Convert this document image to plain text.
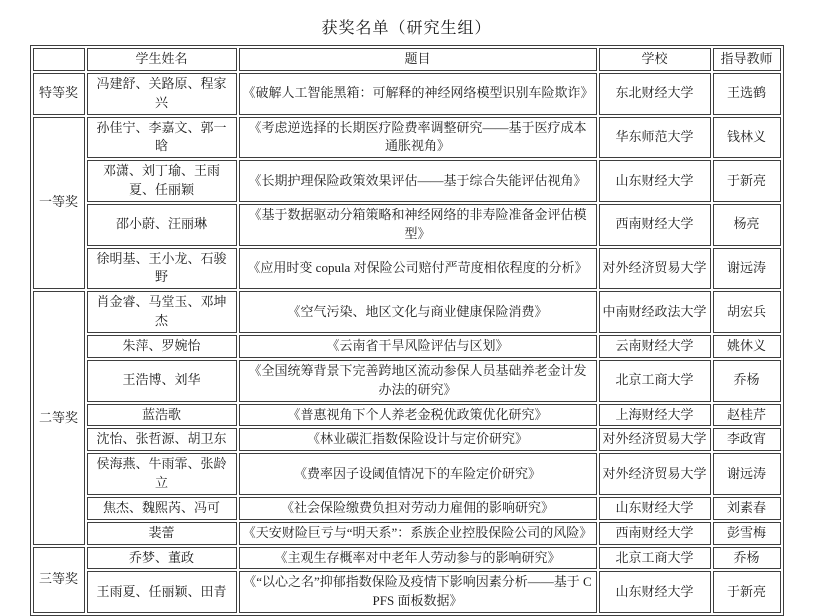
获奖名单（研究生组）
	学生姓名	题目	学校	指导教师
特等奖	冯建舒、关路原、程家兴	《破解人工智能黑箱：可解释的神经网络模型识别车险欺诈》	东北财经大学	王选鹤
一等奖	孙佳宁、李嘉文、郭一晗	《考虑逆选择的长期医疗险费率调整研究——基于医疗成本通胀视角》	华东师范大学	钱林义
	邓潇、刘丁瑜、王雨夏、任丽颖	《长期护理保险政策效果评估——基于综合失能评估视角》	山东财经大学	于新亮
	邵小蔚、汪丽琳	《基于数据驱动分箱策略和神经网络的非寿险准备金评估模型》	西南财经大学	杨亮
	徐明基、王小龙、石骏野	《应用时变 copula 对保险公司赔付严苛度相依程度的分析》	对外经济贸易大学	谢远涛
二等奖	肖金睿、马堂玉、邓坤杰	《空气污染、地区文化与商业健康保险消费》	中南财经政法大学	胡宏兵
	朱萍、罗婉怡	《云南省干旱风险评估与区划》	云南财经大学	姚休义
	王浩博、刘华	《全国统筹背景下完善跨地区流动参保人员基础养老金计发办法的研究》	北京工商大学	乔杨
	蓝浩歌	《普惠视角下个人养老金税优政策优化研究》	上海财经大学	赵桂芹
	沈怡、张哲源、胡卫东	《林业碳汇指数保险设计与定价研究》	对外经济贸易大学	李政宵
	侯海燕、牛雨霏、张龄立	《费率因子设阈值情况下的车险定价研究》	对外经济贸易大学	谢远涛
	焦杰、魏熙芮、冯可	《社会保险缴费负担对劳动力雇佣的影响研究》	山东财经大学	刘素春
	裴蕾	《天安财险巨亏与“明天系”：系族企业控股保险公司的风险》	西南财经大学	彭雪梅
三等奖	乔梦、董政	《主观生存概率对中老年人劳动参与的影响研究》	北京工商大学	乔杨
	王雨夏、任丽颖、田青	《“以心之名”抑郁指数保险及疫情下影响因素分析——基于 CPFS 面板数据》	山东财经大学	于新亮
